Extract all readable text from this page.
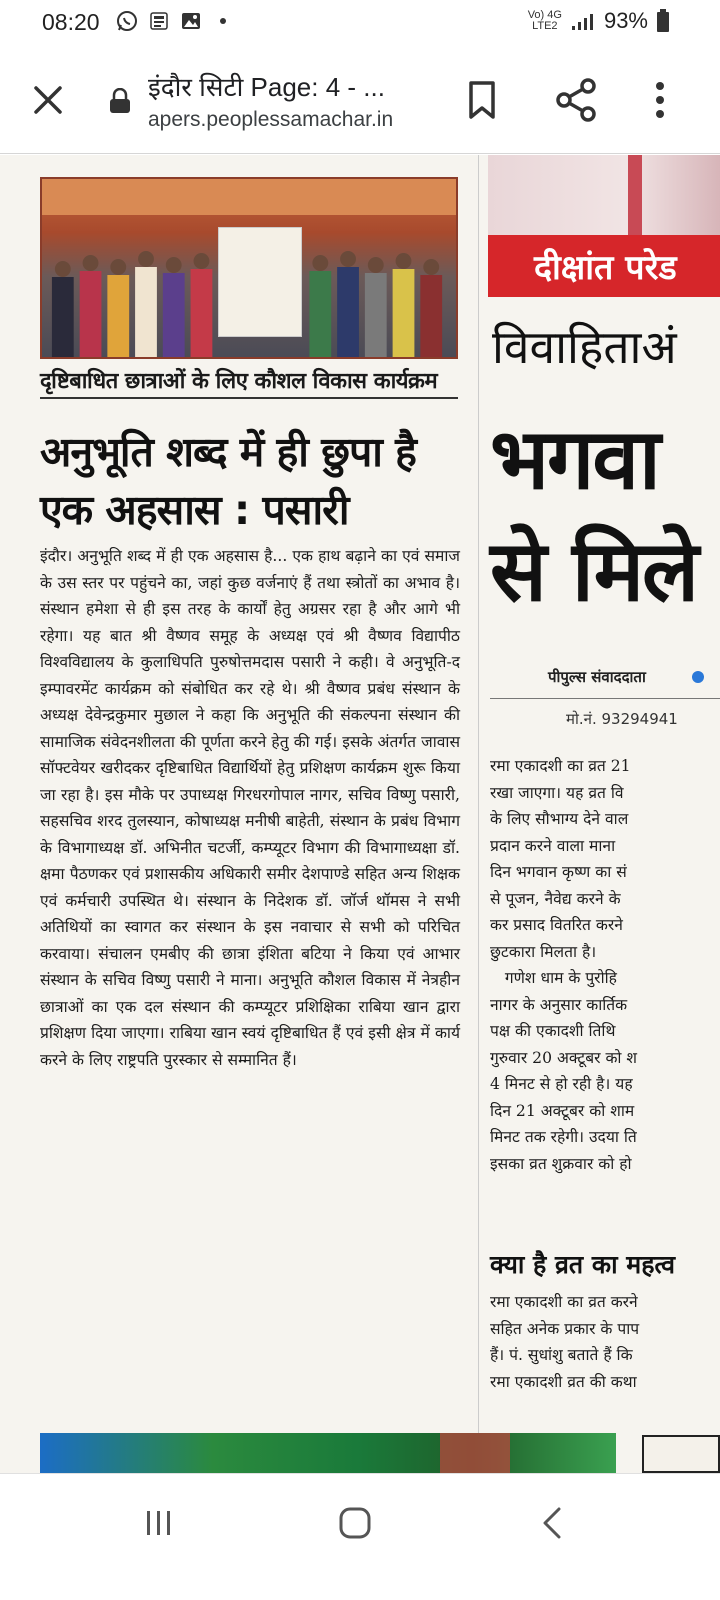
08:20	Vo) 4G
LTE2 93%
इंदौर सिटी Page: 4 - ...
apers.peoplessamachar.in
दृष्टिबाधित छात्राओं के लिए कौशल विकास कार्यक्रम
अनुभूति शब्द में ही छुपा है एक अहसास : पसारी
इंदौर। अनुभूति शब्द में ही एक अहसास है... एक हाथ बढ़ाने का एवं समाज के उस स्तर पर पहुंचने का, जहां कुछ वर्जनाएं हैं तथा स्त्रोतों का अभाव है। संस्थान हमेशा से ही इस तरह के कार्यों हेतु अग्रसर रहा है और आगे भी रहेगा। यह बात श्री वैष्णव समूह के अध्यक्ष एवं श्री वैष्णव विद्यापीठ विश्वविद्यालय के कुलाधिपति पुरुषोत्तमदास पसारी ने कही। वे अनुभूति-द इम्पावरमेंट कार्यक्रम को संबोधित कर रहे थे। श्री वैष्णव प्रबंध संस्थान के अध्यक्ष देवेन्द्रकुमार मुछाल ने कहा कि अनुभूति की संकल्पना संस्थान की सामाजिक संवेदनशीलता की पूर्णता करने हेतु की गई। इसके अंतर्गत जावास सॉफ्टवेयर खरीदकर दृष्टिबाधित विद्यार्थियों हेतु प्रशिक्षण कार्यक्रम शुरू किया जा रहा है। इस मौके पर उपाध्यक्ष गिरधरगोपाल नागर, सचिव विष्णु पसारी, सहसचिव शरद तुलस्यान, कोषाध्यक्ष मनीषी बाहेती, संस्थान के प्रबंध विभाग के विभागाध्यक्ष डॉ. अभिनीत चटर्जी, कम्प्यूटर विभाग की विभागाध्यक्षा डॉ. क्षमा पैठणकर एवं प्रशासकीय अधिकारी समीर देशपाण्डे सहित अन्य शिक्षक एवं कर्मचारी उपस्थित थे। संस्थान के निदेशक डॉ. जॉर्ज थॉमस ने सभी अतिथियों का स्वागत कर संस्थान के इस नवाचार से सभी को परिचित करवाया। संचालन एमबीए की छात्रा इंशिता बटिया ने किया एवं आभार संस्थान के सचिव विष्णु पसारी ने माना। अनुभूति कौशल विकास में नेत्रहीन छात्राओं का एक दल संस्थान की कम्प्यूटर प्रशिक्षिका राबिया खान द्वारा प्रशिक्षण दिया जाएगा। राबिया खान स्वयं दृष्टिबाधित हैं एवं इसी क्षेत्र में कार्य करने के लिए राष्ट्रपति पुरस्कार से सम्मानित हैं।
दीक्षांत परेड
विवाहिताअं
भगवा
से मिले
पीपुल्स संवाददाता
मो.नं. 93294941
रमा एकादशी का व्रत 21
रखा जाएगा। यह व्रत वि
के लिए सौभाग्य देने वाल
प्रदान करने वाला माना
दिन भगवान कृष्ण का सं
से पूजन, नैवेद्य करने के
कर प्रसाद वितरित करने
छुटकारा मिलता है।
गणेश धाम के पुरोहि
नागर के अनुसार कार्तिक
पक्ष की एकादशी तिथि
गुरुवार 20 अक्टूबर को श
4 मिनट से हो रही है। यह
दिन 21 अक्टूबर को शाम
मिनट तक रहेगी। उदया ति
इसका व्रत शुक्रवार को हो
क्या है व्रत का महत्व
रमा एकादशी का व्रत करने
सहित अनेक प्रकार के पाप
हैं। पं. सुधांशु बताते हैं कि
रमा एकादशी व्रत की कथा
